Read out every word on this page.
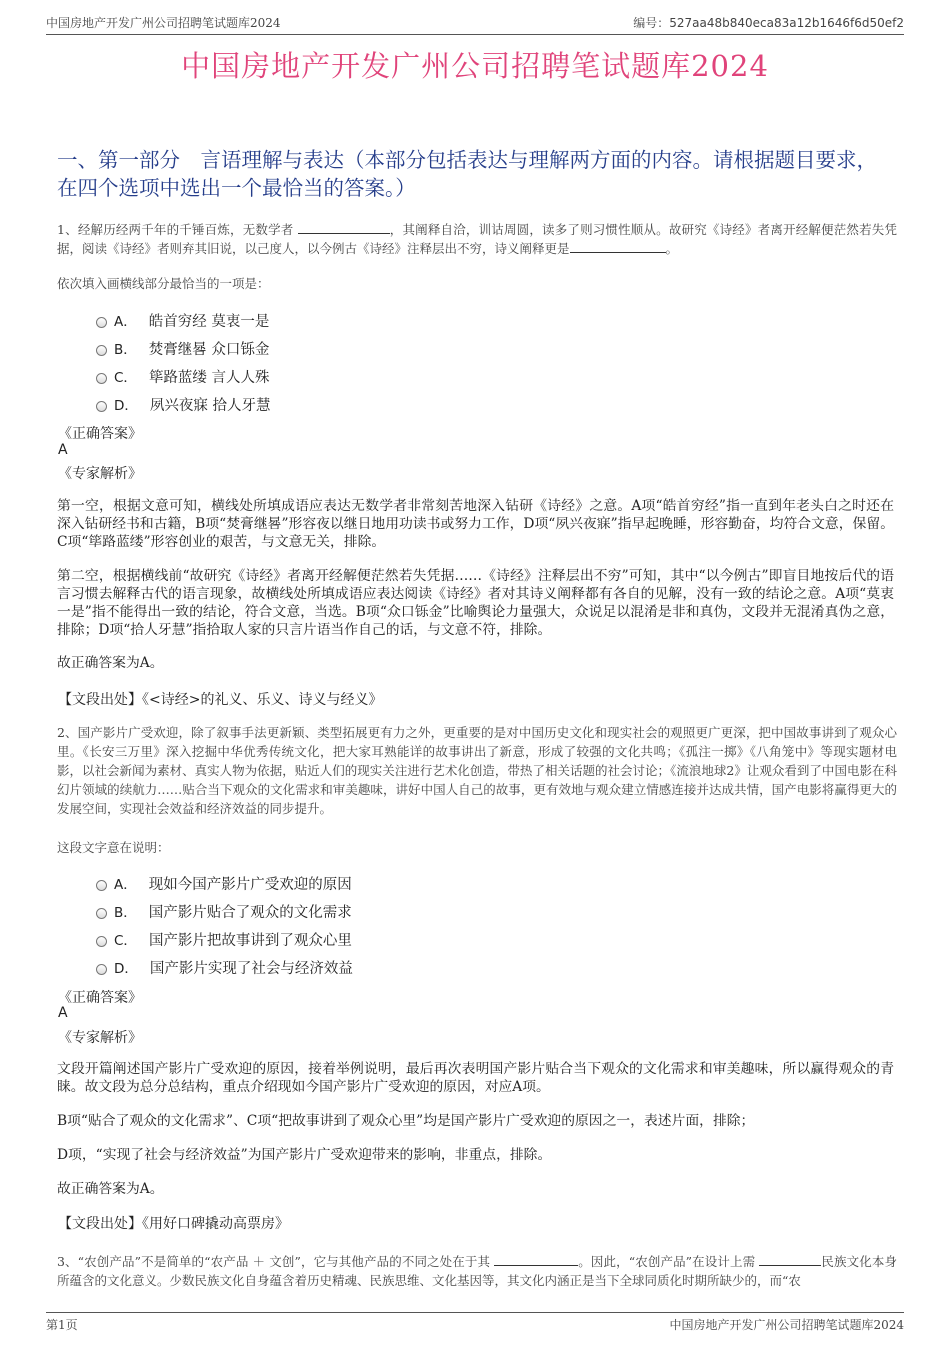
中国房地产开发广州公司招聘笔试题库2024	编号：527aa48b840eca83a12b1646f6d50ef2
中国房地产开发广州公司招聘笔试题库2024
一、第一部分　言语理解与表达（本部分包括表达与理解两方面的内容。请根据题目要求，在四个选项中选出一个最恰当的答案。）
1、经解历经两千年的千锤百炼，无数学者	，其阐释自洽，训诂周圆，读多了则习惯性顺从。故研究《诗经》者离开经解便茫然若失凭据，阅读《诗经》者则弃其旧说，以己度人，以今例古《诗经》注释层出不穷，诗义阐释更是	。
依次填入画横线部分最恰当的一项是：
A． 皓首穷经 莫衷一是
B． 焚膏继晷 众口铄金
C． 筚路蓝缕 言人人殊
D． 夙兴夜寐 拾人牙慧
《正确答案》
A
《专家解析》
第一空，根据文意可知，横线处所填成语应表达无数学者非常刻苦地深入钻研《诗经》之意。A项“皓首穷经”指一直到年老头白之时还在深入钻研经书和古籍，B项“焚膏继晷”形容夜以继日地用功读书或努力工作，D项“夙兴夜寐”指早起晚睡，形容勤奋，均符合文意，保留。C项“筚路蓝缕”形容创业的艰苦，与文意无关，排除。
第二空，根据横线前“故研究《诗经》者离开经解便茫然若失凭据……《诗经》注释层出不穷”可知，其中“以今例古”即盲目地按后代的语言习惯去解释古代的语言现象，故横线处所填成语应表达阅读《诗经》者对其诗义阐释都有各自的见解，没有一致的结论之意。A项“莫衷一是”指不能得出一致的结论，符合文意，当选。B项“众口铄金”比喻舆论力量强大，众说足以混淆是非和真伪，文段并无混淆真伪之意，排除；D项“拾人牙慧”指拾取人家的只言片语当作自己的话，与文意不符，排除。
故正确答案为A。
【文段出处】《<诗经>的礼义、乐义、诗义与经义》
2、国产影片广受欢迎，除了叙事手法更新颖、类型拓展更有力之外，更重要的是对中国历史文化和现实社会的观照更广更深，把中国故事讲到了观众心里。《长安三万里》深入挖掘中华优秀传统文化，把大家耳熟能详的故事讲出了新意，形成了较强的文化共鸣；《孤注一掷》《八角笼中》等现实题材电影，以社会新闻为素材、真实人物为依据，贴近人们的现实关注进行艺术化创造，带热了相关话题的社会讨论；《流浪地球2》让观众看到了中国电影在科幻片领域的续航力……贴合当下观众的文化需求和审美趣味，讲好中国人自己的故事，更有效地与观众建立情感连接并达成共情，国产电影将赢得更大的发展空间，实现社会效益和经济效益的同步提升。
这段文字意在说明：
A． 现如今国产影片广受欢迎的原因
B． 国产影片贴合了观众的文化需求
C． 国产影片把故事讲到了观众心里
D． 国产影片实现了社会与经济效益
《正确答案》
A
《专家解析》
文段开篇阐述国产影片广受欢迎的原因，接着举例说明，最后再次表明国产影片贴合当下观众的文化需求和审美趣味，所以赢得观众的青睐。故文段为总分总结构，重点介绍现如今国产影片广受欢迎的原因，对应A项。
B项“贴合了观众的文化需求”、C项“把故事讲到了观众心里”均是国产影片广受欢迎的原因之一，表述片面，排除；
D项，“实现了社会与经济效益”为国产影片广受欢迎带来的影响，非重点，排除。
故正确答案为A。
【文段出处】《用好口碑撬动高票房》
3、“农创产品”不是简单的“农产品 ＋ 文创”，它与其他产品的不同之处在于其	。因此，“农创产品”在设计上需	民族文化本身所蕴含的文化意义。少数民族文化自身蕴含着历史精魂、民族思维、文化基因等，其文化内涵正是当下全球同质化时期所缺少的，而“农
第1页	中国房地产开发广州公司招聘笔试题库2024
